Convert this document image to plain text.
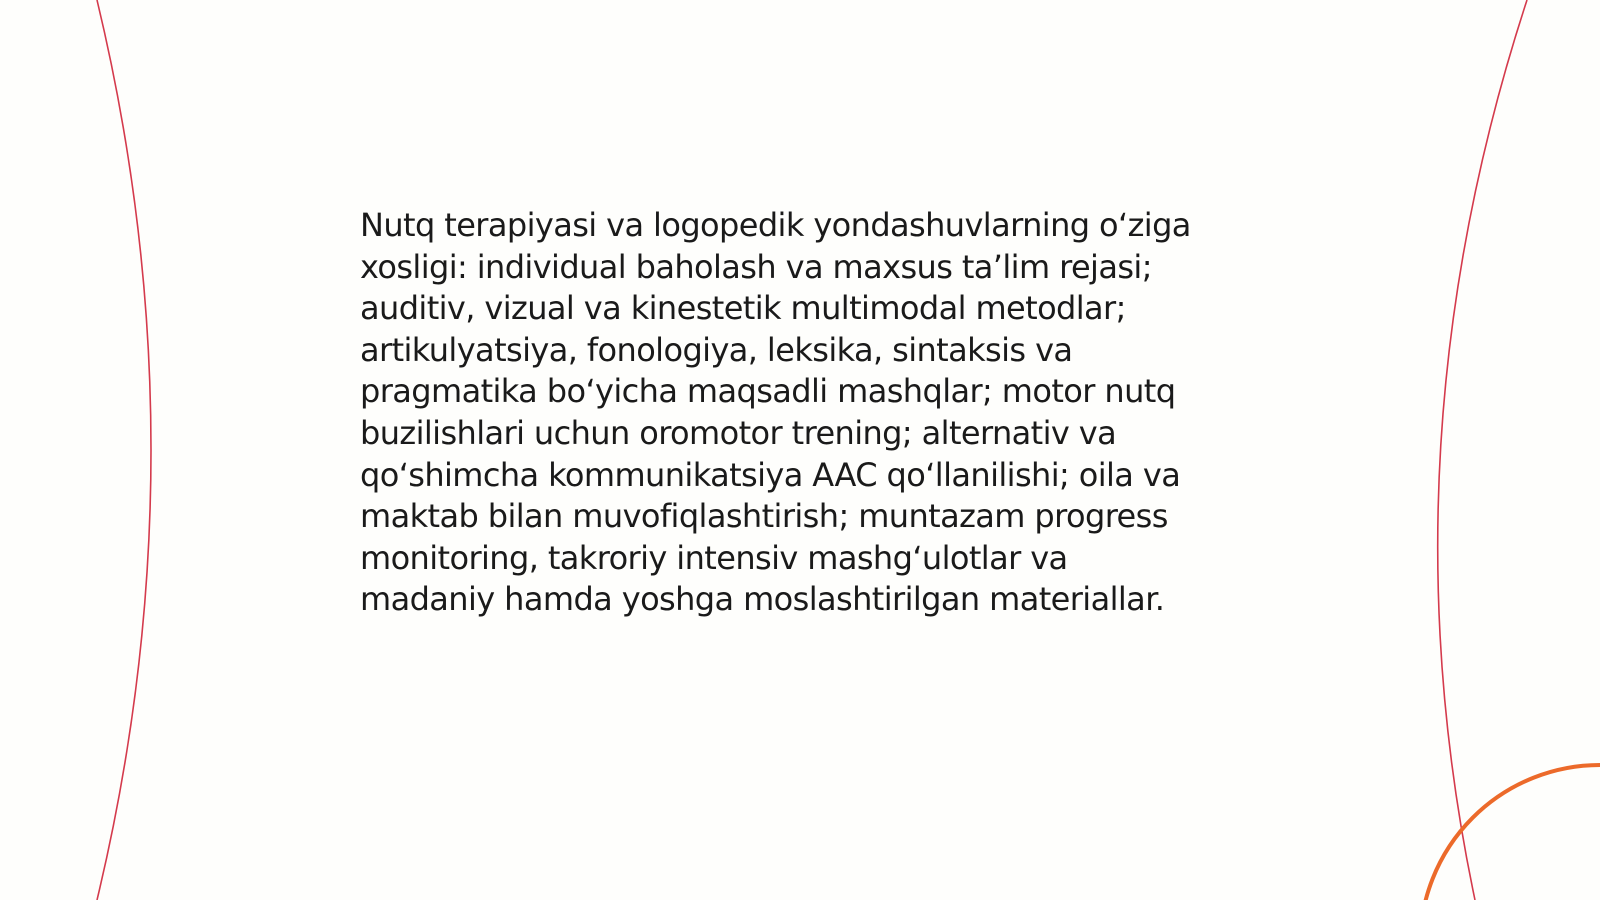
Nutq terapiyasi va logopedik yondashuvlarning o‘ziga
xosligi: individual baholash va maxsus ta’lim rejasi;
auditiv, vizual va kinestetik multimodal metodlar;
artikulyatsiya, fonologiya, leksika, sintaksis va
pragmatika bo‘yicha maqsadli mashqlar; motor nutq
buzilishlari uchun oromotor trening; alternativ va
qo‘shimcha kommunikatsiya AAC qo‘llanilishi; oila va
maktab bilan muvofiqlashtirish; muntazam progress
monitoring, takroriy intensiv mashg‘ulotlar va
madaniy hamda yoshga moslashtirilgan materiallar.
